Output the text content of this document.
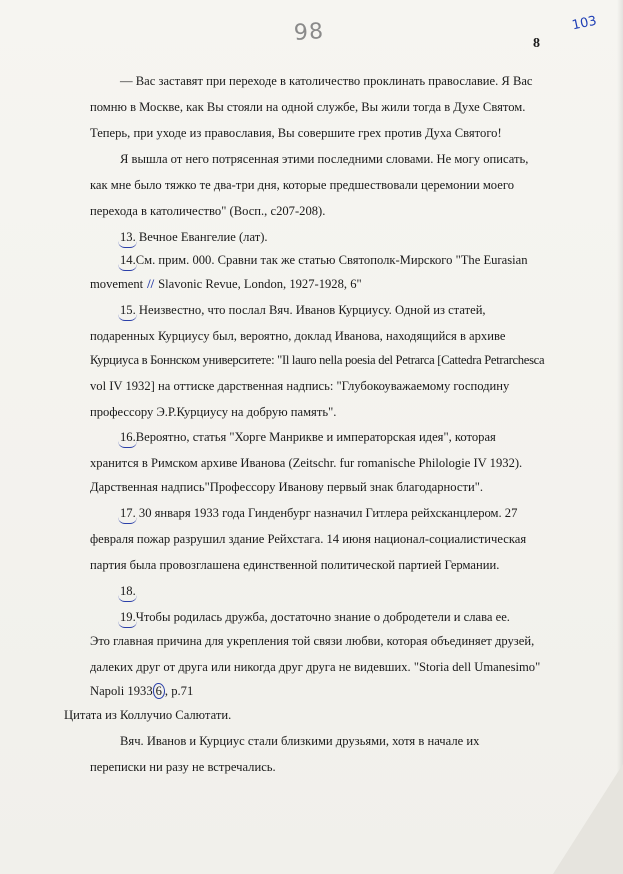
98	103
8
— Вас заставят при переходе в католичество проклинать православие. Я Вас
помню в Москве, как Вы стояли на одной службе, Вы жили тогда в Духе Святом.
Теперь, при уходе из православия, Вы совершите грех против Духа Святого!
Я вышла от него потрясенная этими последними словами. Не могу описать,
как мне было тяжко те два-три дня, которые предшествовали церемонии моего
перехода в католичество" (Восп., с207-208).
13. Вечное Евангелие (лат).
14.См. прим. 000. Сравни так же статью Святополк-Мирского "The Eurasian
movement // Slavonic Revue, London, 1927-1928, 6"
15. Неизвестно, что послал Вяч. Иванов Курциусу. Одной из статей,
подаренных Курциусу был, вероятно, доклад Иванова, находящийся в архиве
Курциуса в Боннском университете: "Il lauro nella poesia del Petrarca [Cattedra Petrarchesca
vol IV 1932] на оттиске дарственная надпись: "Глубокоуважаемому господину
профессору Э.Р.Курциусу на добрую память".
16.Вероятно, статья "Хорге Манрикве и императорская идея", которая
хранится в Римском архиве Иванова (Zeitschr. fur romanische Philologie IV 1932).
Дарственная надпись"Профессору Иванову первый знак благодарности".
17. 30 января 1933 года Гинденбург назначил Гитлера рейхсканцлером. 27
февраля пожар разрушил здание Рейхстага. 14 июня национал-социалистическая
партия была провозглашена единственной политической партией Германии.
18.
19.Чтобы родилась дружба, достаточно знание о добродетели и слава ее.
Это главная причина для укрепления той связи любви, которая объединяет друзей,
далеких друг от друга или никогда друг друга не видевших. "Storia dell Umanesimo"
Napoli 1933 6 , p.71
Цитата из Коллучио Салютати.
Вяч. Иванов и Курциус стали близкими друзьями, хотя в начале их
переписки ни разу не встречались.
